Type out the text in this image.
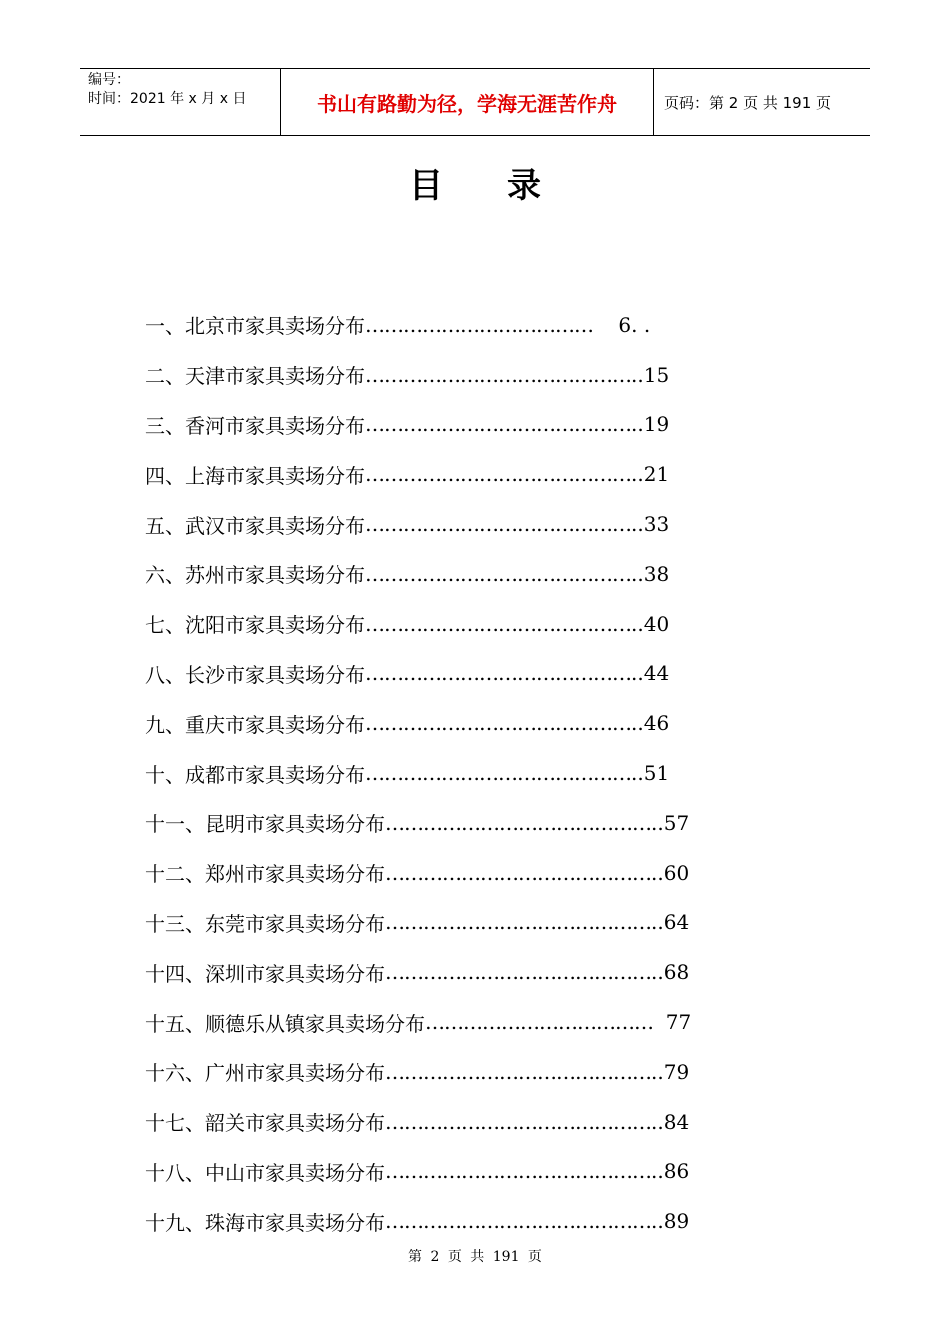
编号：
时间：2021 年 x 月 x 日	书山有路勤为径，学海无涯苦作舟	页码：第 2 页 共 191 页
目录
一、北京市家具卖场分布 ……………………………… 6. .
二、天津市家具卖场分布 …………………………………… ..15
三、香河市家具卖场分布 …………………………………… ..19
四、上海市家具卖场分布 …………………………………… ..21
五、武汉市家具卖场分布 …………………………………… ..33
六、苏州市家具卖场分布 …………………………………… ..38
七、沈阳市家具卖场分布 …………………………………… ..40
八、长沙市家具卖场分布 …………………………………… ..44
九、重庆市家具卖场分布 …………………………………… ..46
十、成都市家具卖场分布 …………………………………… ..51
十一、昆明市家具卖场分布 …………………………………… ..57
十二、郑州市家具卖场分布 …………………………………… ..60
十三、东莞市家具卖场分布 …………………………………… ..64
十四、深圳市家具卖场分布 …………………………………… ..68
十五、顺德乐从镇家具卖场分布 ……………………………… 77
十六、广州市家具卖场分布 …………………………………… ..79
十七、韶关市家具卖场分布 …………………………………… ..84
十八、中山市家具卖场分布 …………………………………… ..86
十九、珠海市家具卖场分布 …………………………………… ..89
第 2 页 共 191 页
